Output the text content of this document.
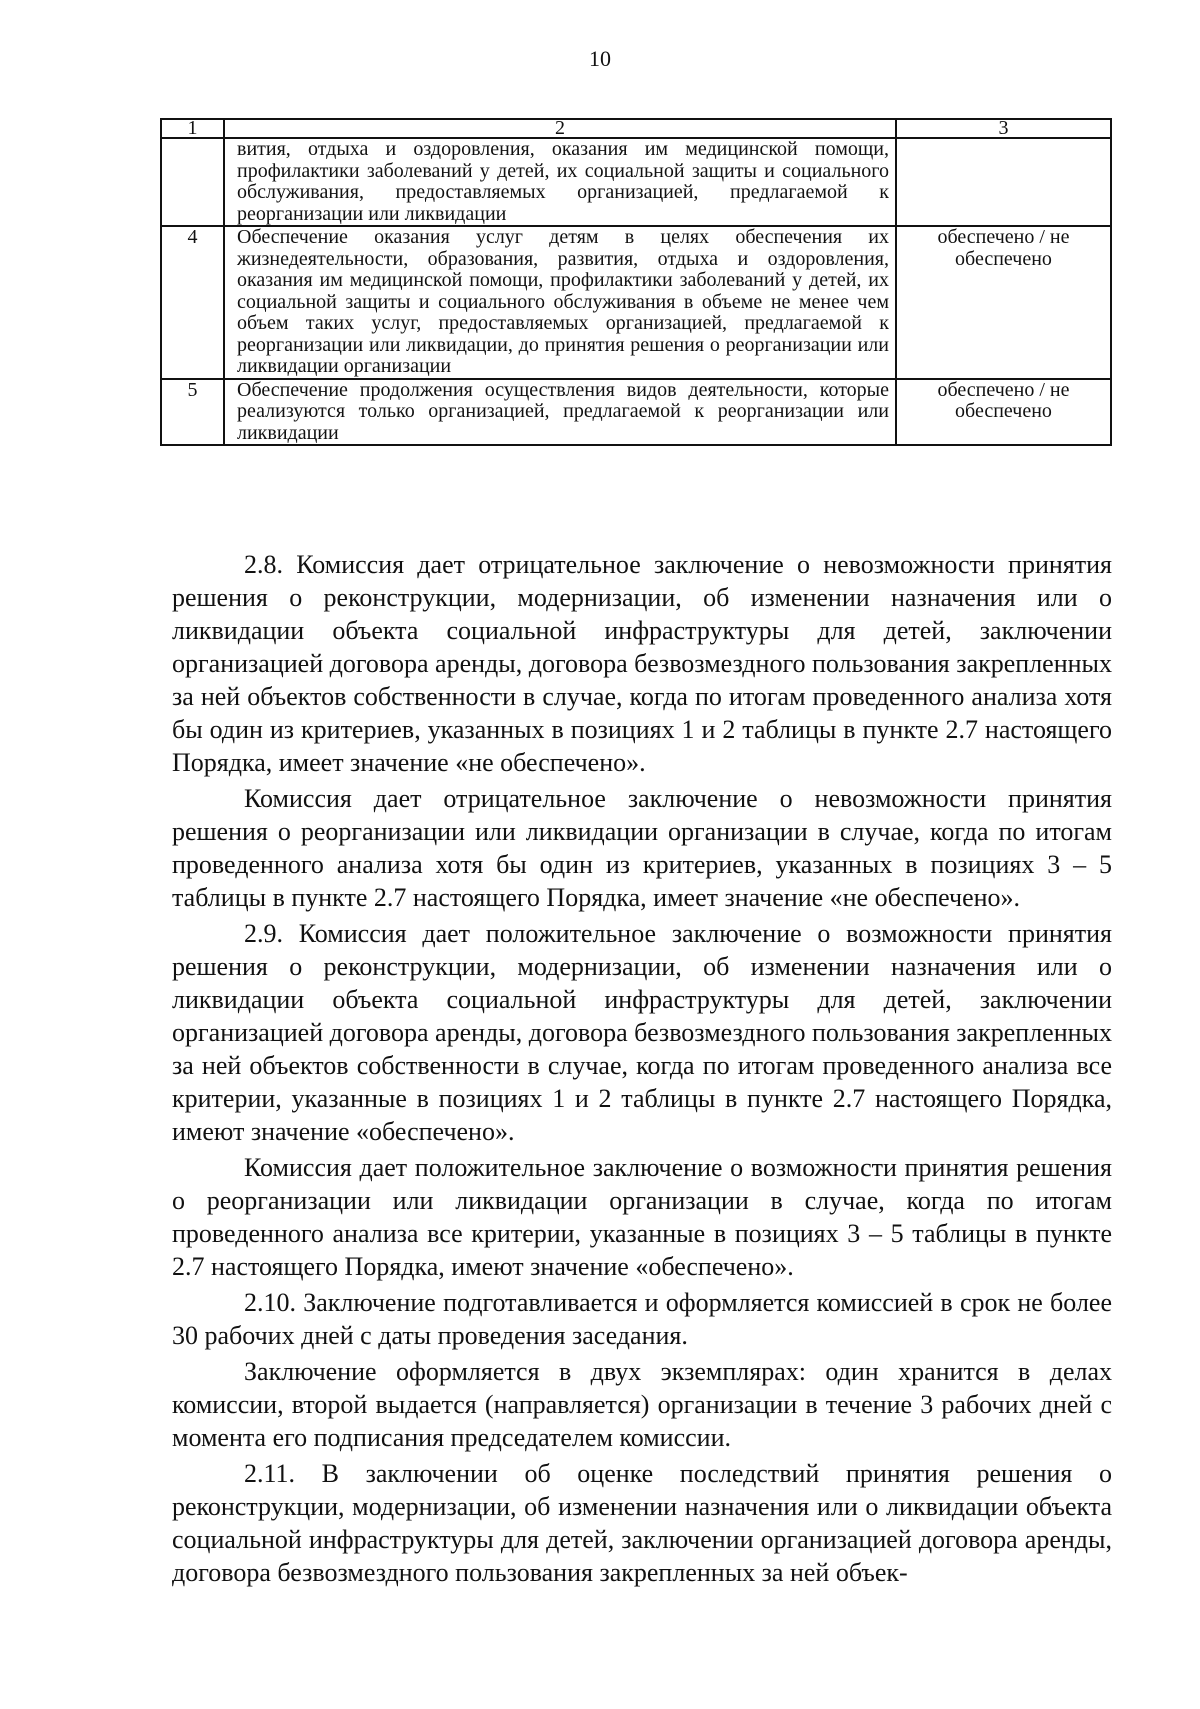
10
1	2	3
	вития, отдыха и оздоровления, оказания им медицинской помощи, профилактики заболеваний у детей, их социальной защиты и социального обслуживания, предоставляемых организацией, предлагаемой к реорганизации или ликвидации	
4	Обеспечение оказания услуг детям в целях обеспечения их жизнедеятельности, образования, развития, отдыха и оздоровления, оказания им медицинской помощи, профилактики заболеваний у детей, их социальной защиты и социального обслуживания в объеме не менее чем объем таких услуг, предоставляемых организацией, предлагаемой к реорганизации или ликвидации, до принятия решения о реорганизации или ликвидации организации	обеспечено / не обеспечено
5	Обеспечение продолжения осуществления видов деятельности, которые реализуются только организацией, предлагаемой к реорганизации или ликвидации	обеспечено / не обеспечено

2.8. Комиссия дает отрицательное заключение о невозможности принятия решения о реконструкции, модернизации, об изменении назначения или о ликвидации объекта социальной инфраструктуры для детей, заключении организацией договора аренды, договора безвозмездного пользования закрепленных за ней объектов собственности в случае, когда по итогам проведенного анализа хотя бы один из критериев, указанных в позициях 1 и 2 таблицы в пункте 2.7 настоящего Порядка, имеет значение «не обеспечено».

Комиссия дает отрицательное заключение о невозможности принятия решения о реорганизации или ликвидации организации в случае, когда по итогам проведенного анализа хотя бы один из критериев, указанных в позициях 3 – 5 таблицы в пункте 2.7 настоящего Порядка, имеет значение «не обеспечено».

2.9. Комиссия дает положительное заключение о возможности принятия решения о реконструкции, модернизации, об изменении назначения или о ликвидации объекта социальной инфраструктуры для детей, заключении организацией договора аренды, договора безвозмездного пользования закрепленных за ней объектов собственности в случае, когда по итогам проведенного анализа все критерии, указанные в позициях 1 и 2 таблицы в пункте 2.7 настоящего Порядка, имеют значение «обеспечено».

Комиссия дает положительное заключение о возможности принятия решения о реорганизации или ликвидации организации в случае, когда по итогам проведенного анализа все критерии, указанные в позициях 3 – 5 таблицы в пункте 2.7 настоящего Порядка, имеют значение «обеспечено».

2.10. Заключение подготавливается и оформляется комиссией в срок не более 30 рабочих дней с даты проведения заседания.

Заключение оформляется в двух экземплярах: один хранится в делах комиссии, второй выдается (направляется) организации в течение 3 рабочих дней с момента его подписания председателем комиссии.

2.11. В заключении об оценке последствий принятия решения о реконструкции, модернизации, об изменении назначения или о ликвидации объекта социальной инфраструктуры для детей, заключении организацией договора аренды, договора безвозмездного пользования закрепленных за ней объек-
